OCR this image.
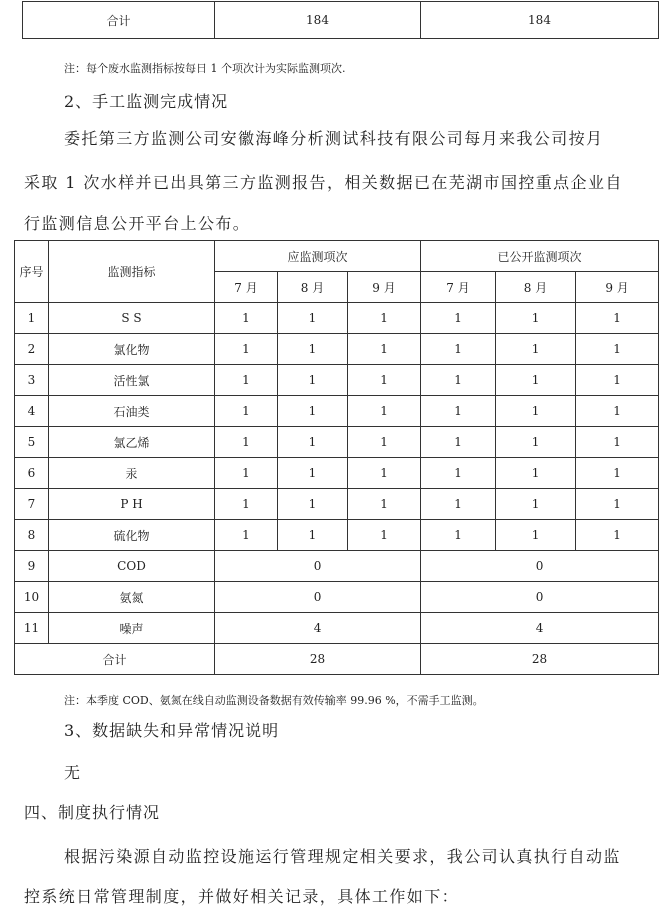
合计	184	184
注：每个废水监测指标按每日 1 个项次计为实际监测项次.
2、手工监测完成情况
委托第三方监测公司安徽海峰分析测试科技有限公司每月来我公司按月
采取 1 次水样并已出具第三方监测报告，相关数据已在芜湖市国控重点企业自
行监测信息公开平台上公布。
序号	监测指标	应监测项次			已公开监测项次		
		7 月	8 月	9 月	7 月	8 月	9 月
1	S S	1	1	1	1	1	1
2	氯化物	1	1	1	1	1	1
3	活性氯	1	1	1	1	1	1
4	石油类	1	1	1	1	1	1
5	氯乙烯	1	1	1	1	1	1
6	汞	1	1	1	1	1	1
7	P H	1	1	1	1	1	1
8	硫化物	1	1	1	1	1	1
9	COD	0			0		
10	氨氮	0			0		
11	噪声	4			4		
合计		28			28		
注：本季度 COD、氨氮在线自动监测设备数据有效传输率 99.96 %，不需手工监测。
3、数据缺失和异常情况说明
无
四、制度执行情况
根据污染源自动监控设施运行管理规定相关要求，我公司认真执行自动监
控系统日常管理制度，并做好相关记录，具体工作如下：
